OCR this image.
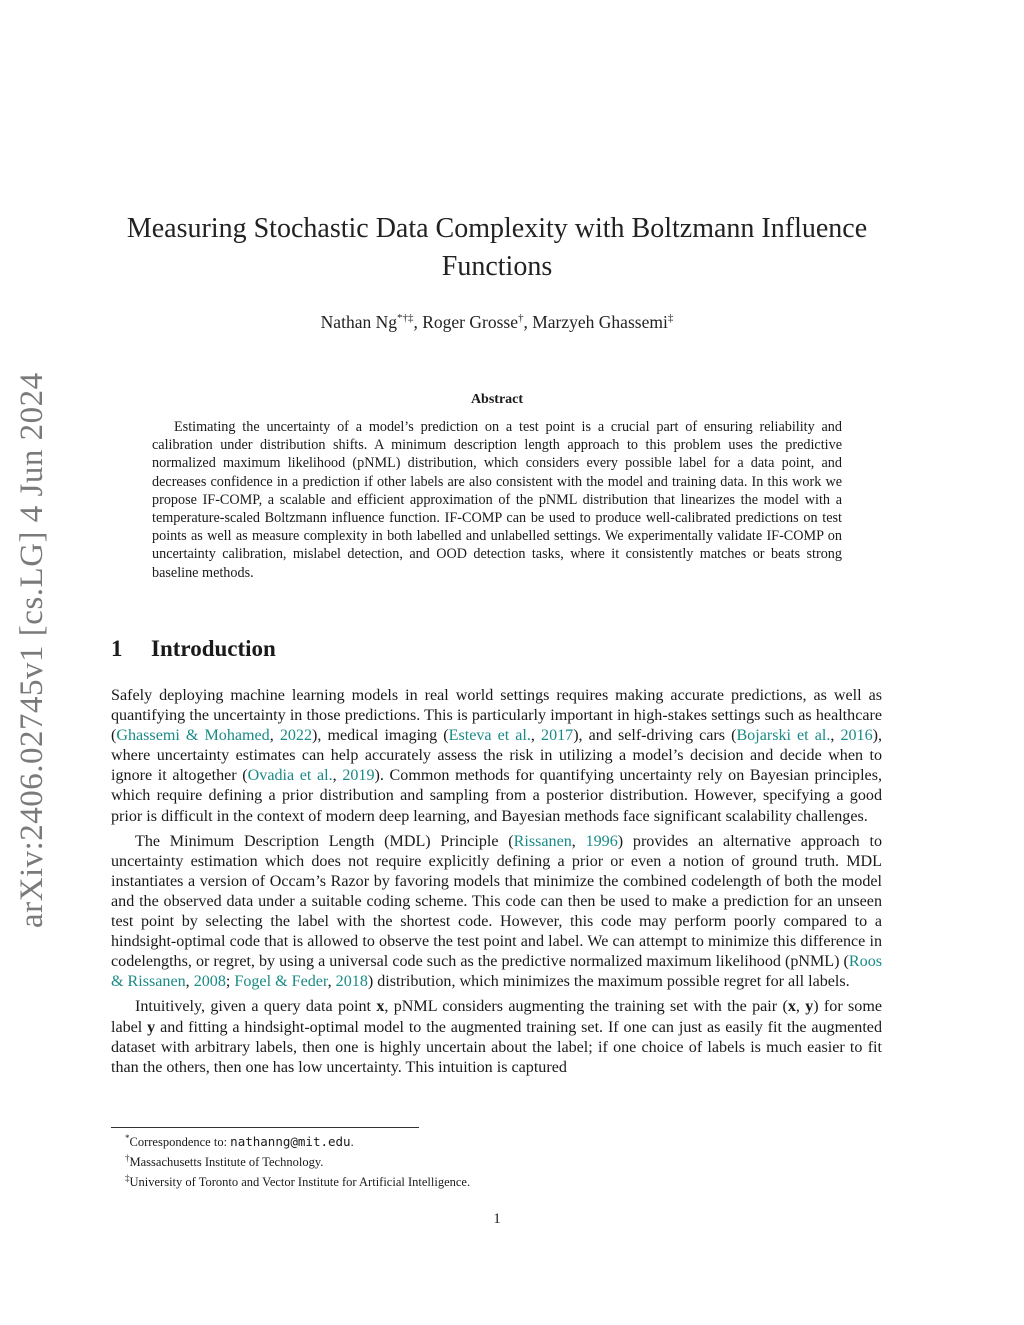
arXiv:2406.02745v1 [cs.LG] 4 Jun 2024
Measuring Stochastic Data Complexity with Boltzmann Influence Functions
Nathan Ng*†‡, Roger Grosse†, Marzyeh Ghassemi‡
Abstract

Estimating the uncertainty of a model’s prediction on a test point is a crucial part of ensuring reliability and calibration under distribution shifts. A minimum description length approach to this problem uses the predictive normalized maximum likelihood (pNML) distribution, which considers every possible label for a data point, and decreases confidence in a prediction if other labels are also consistent with the model and training data. In this work we propose IF-COMP, a scalable and efficient approximation of the pNML distribution that linearizes the model with a temperature-scaled Boltzmann influence function. IF-COMP can be used to produce well-calibrated predictions on test points as well as measure complexity in both labelled and unlabelled settings. We experimentally validate IF-COMP on uncertainty calibration, mislabel detection, and OOD detection tasks, where it consistently matches or beats strong baseline methods.

1 Introduction

Safely deploying machine learning models in real world settings requires making accurate predictions, as well as quantifying the uncertainty in those predictions. This is particularly important in high-stakes settings such as healthcare (Ghassemi & Mohamed, 2022), medical imaging (Esteva et al., 2017), and self-driving cars (Bojarski et al., 2016), where uncertainty estimates can help accurately assess the risk in utilizing a model’s decision and decide when to ignore it altogether (Ovadia et al., 2019). Common methods for quantifying uncertainty rely on Bayesian principles, which require defining a prior distribution and sampling from a posterior distribution. However, specifying a good prior is difficult in the context of modern deep learning, and Bayesian methods face significant scalability challenges.

The Minimum Description Length (MDL) Principle (Rissanen, 1996) provides an alternative approach to uncertainty estimation which does not require explicitly defining a prior or even a notion of ground truth. MDL instantiates a version of Occam’s Razor by favoring models that minimize the combined codelength of both the model and the observed data under a suitable coding scheme. This code can then be used to make a prediction for an unseen test point by selecting the label with the shortest code. However, this code may perform poorly compared to a hindsight-optimal code that is allowed to observe the test point and label. We can attempt to minimize this difference in codelengths, or regret, by using a universal code such as the predictive normalized maximum likelihood (pNML) (Roos & Rissanen, 2008; Fogel & Feder, 2018) distribution, which minimizes the maximum possible regret for all labels.

Intuitively, given a query data point x, pNML considers augmenting the training set with the pair (x, y) for some label y and fitting a hindsight-optimal model to the augmented training set. If one can just as easily fit the augmented dataset with arbitrary labels, then one is highly uncertain about the label; if one choice of labels is much easier to fit than the others, then one has low uncertainty. This intuition is captured

*Correspondence to: nathanng@mit.edu.
†Massachusetts Institute of Technology.
‡University of Toronto and Vector Institute for Artificial Intelligence.
1
